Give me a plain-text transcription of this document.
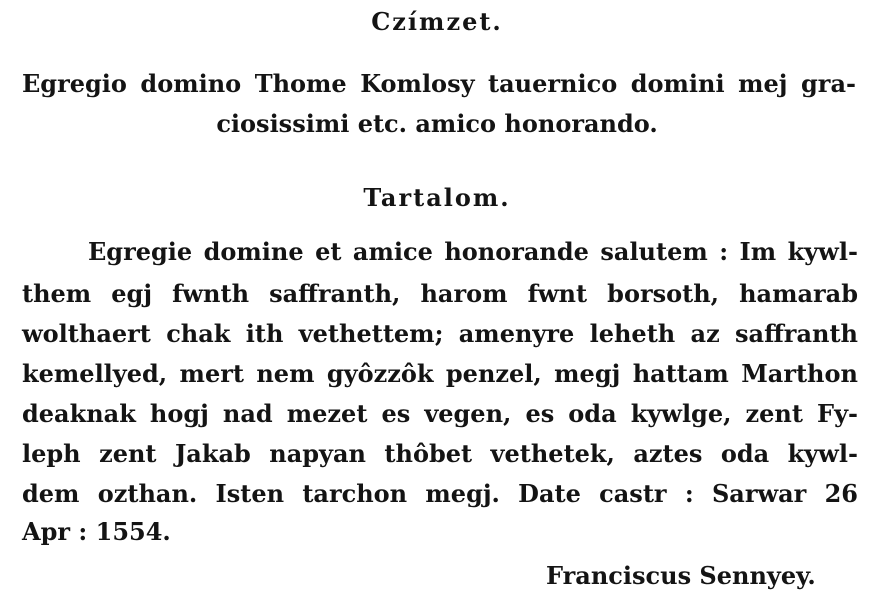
Czímzet.
Egregio domino Thome Komlosy tauernico domini mej gra-
ciosissimi etc. amico honorando.
Tartalom.
Egregie domine et amice honorande salutem : Im kywl-
them egj fwnth saffranth, harom fwnt borsoth, hamarab
wolthaert chak ith vethettem; amenyre leheth az saffranth
kemellyed, mert nem gyôzzôk penzel, megj hattam Marthon
deaknak hogj nad mezet es vegen, es oda kywlge, zent Fy-
leph zent Jakab napyan thôbet vethetek, aztes oda kywl-
dem ozthan. Isten tarchon megj. Date castr : Sarwar 26
Apr : 1554.
Franciscus Sennyey.
